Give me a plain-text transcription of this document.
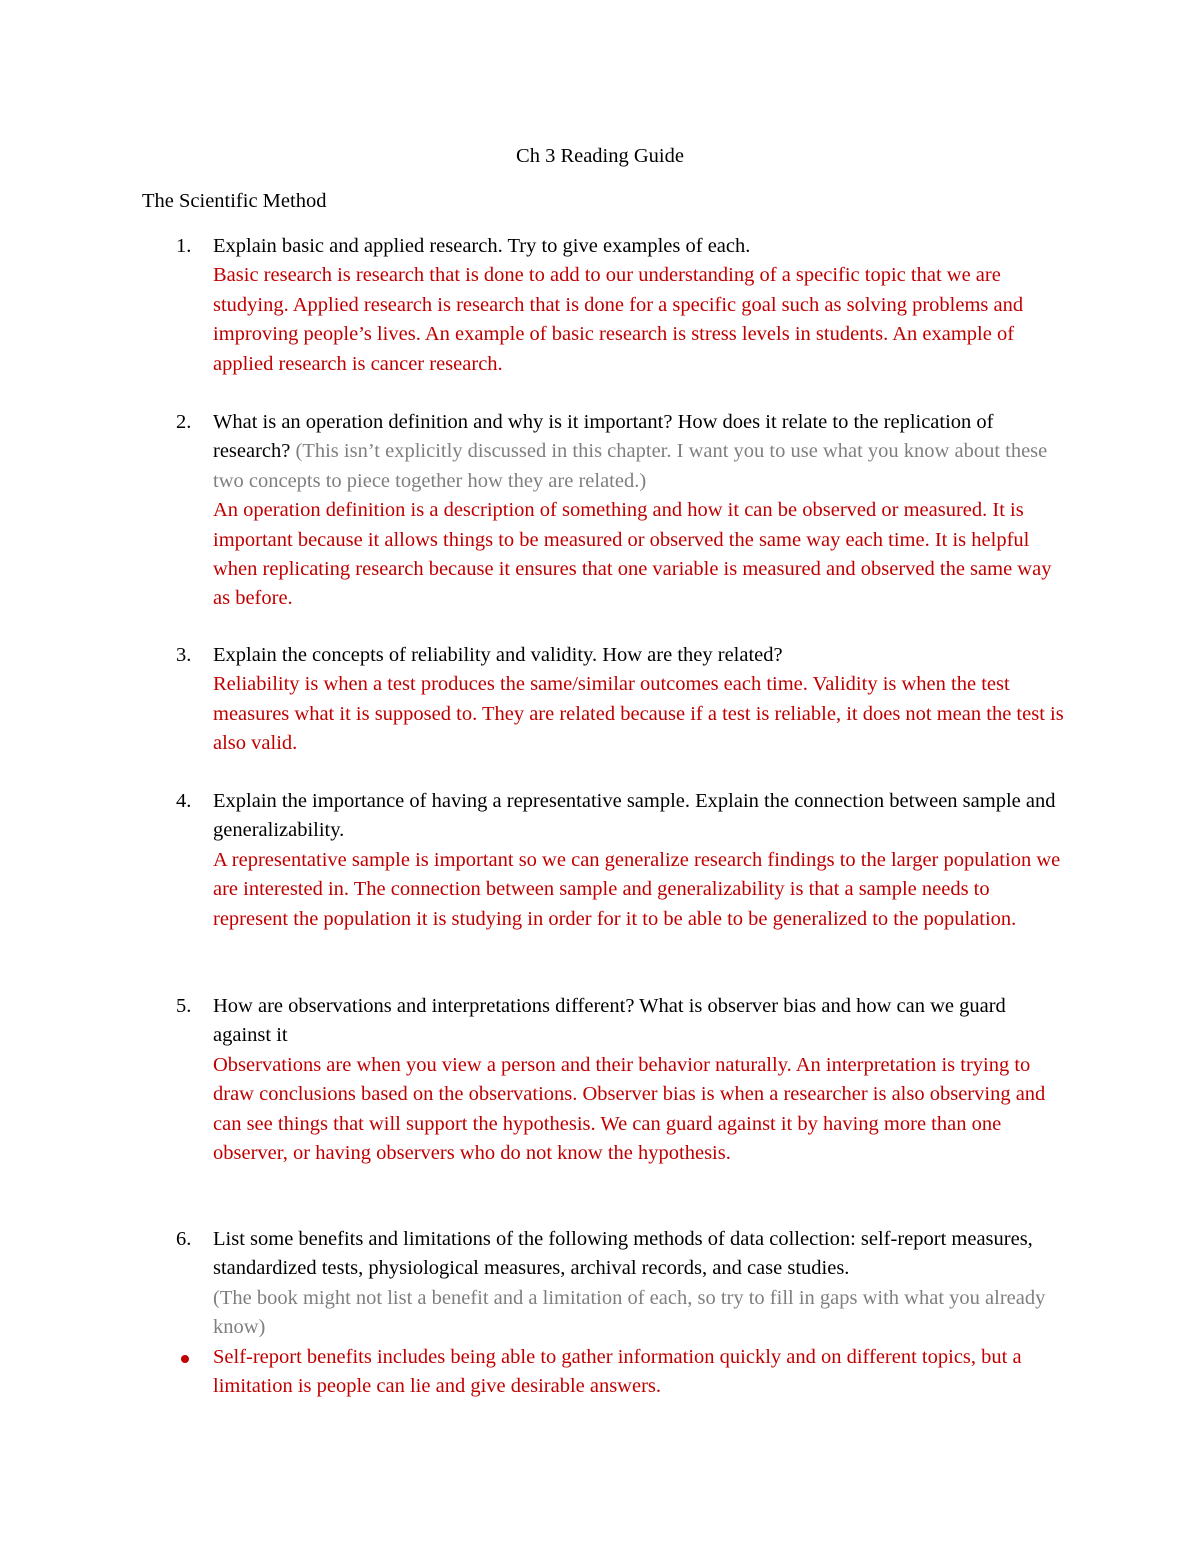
Ch 3 Reading Guide
The Scientific Method
1. Explain basic and applied research. Try to give examples of each.

Basic research is research that is done to add to our understanding of a specific topic that we are studying. Applied research is research that is done for a specific goal such as solving problems and improving people’s lives. An example of basic research is stress levels in students. An example of applied research is cancer research.

2. What is an operation definition and why is it important? How does it relate to the replication of research? (This isn’t explicitly discussed in this chapter. I want you to use what you know about these two concepts to piece together how they are related.)

An operation definition is a description of something and how it can be observed or measured. It is important because it allows things to be measured or observed the same way each time. It is helpful when replicating research because it ensures that one variable is measured and observed the same way as before.

3. Explain the concepts of reliability and validity. How are they related?

Reliability is when a test produces the same/similar outcomes each time. Validity is when the test measures what it is supposed to. They are related because if a test is reliable, it does not mean the test is also valid.

4. Explain the importance of having a representative sample. Explain the connection between sample and generalizability.

A representative sample is important so we can generalize research findings to the larger population we are interested in. The connection between sample and generalizability is that a sample needs to represent the population it is studying in order for it to be able to be generalized to the population.

5. How are observations and interpretations different? What is observer bias and how can we guard against it

Observations are when you view a person and their behavior naturally. An interpretation is trying to draw conclusions based on the observations. Observer bias is when a researcher is also observing and can see things that will support the hypothesis. We can guard against it by having more than one observer, or having observers who do not know the hypothesis.

6. List some benefits and limitations of the following methods of data collection: self-report measures, standardized tests, physiological measures, archival records, and case studies.

(The book might not list a benefit and a limitation of each, so try to fill in gaps with what you already know)

Self-report benefits includes being able to gather information quickly and on different topics, but a limitation is people can lie and give desirable answers.
